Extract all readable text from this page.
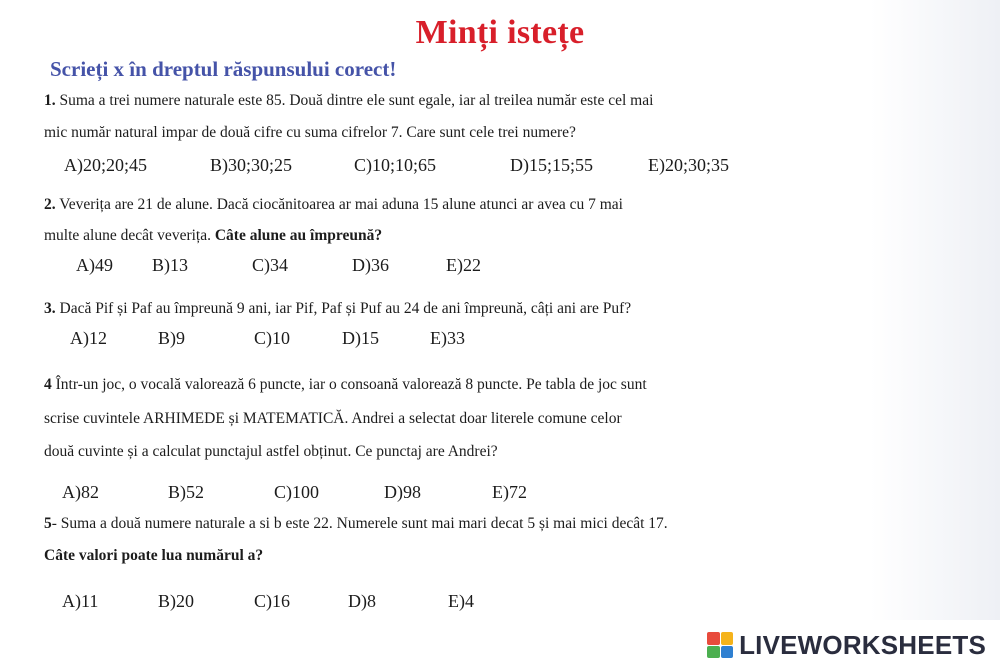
Minți istețe
Scrieți x în dreptul răspunsului corect!
1. Suma a trei numere naturale este 85. Două dintre ele sunt egale, iar al treilea număr este cel mai
mic număr natural impar de două cifre cu suma cifrelor 7. Care sunt cele trei numere?
A)20;20;45	B)30;30;25	C)10;10;65	D)15;15;55	E)20;30;35
2. Veverița are 21 de alune. Dacă ciocănitoarea ar mai aduna 15 alune atunci ar avea cu 7 mai
multe alune decât veverița. Câte alune au împreună?
A)49 B)13	C)34	D)36	E)22
3. Dacă Pif și Paf au împreună 9 ani, iar Pif, Paf și Puf au 24 de ani împreună, câți ani are Puf?
A)12	B)9	C)10	D)15	E)33
4 Într-un joc, o vocală valorează 6 puncte, iar o consoană valorează 8 puncte. Pe tabla de joc sunt
scrise cuvintele ARHIMEDE și MATEMATICĂ. Andrei a selectat doar literele comune celor
două cuvinte și a calculat punctajul astfel obținut. Ce punctaj are Andrei?
A)82	B)52	C)100	D)98	E)72
5- Suma a două numere naturale a si b este 22. Numerele sunt mai mari decat 5 și mai mici decât 17.
Câte valori poate lua numărul a?
A)11	B)20	C)16	D)8	E)4
LIVEWORKSHEETS
